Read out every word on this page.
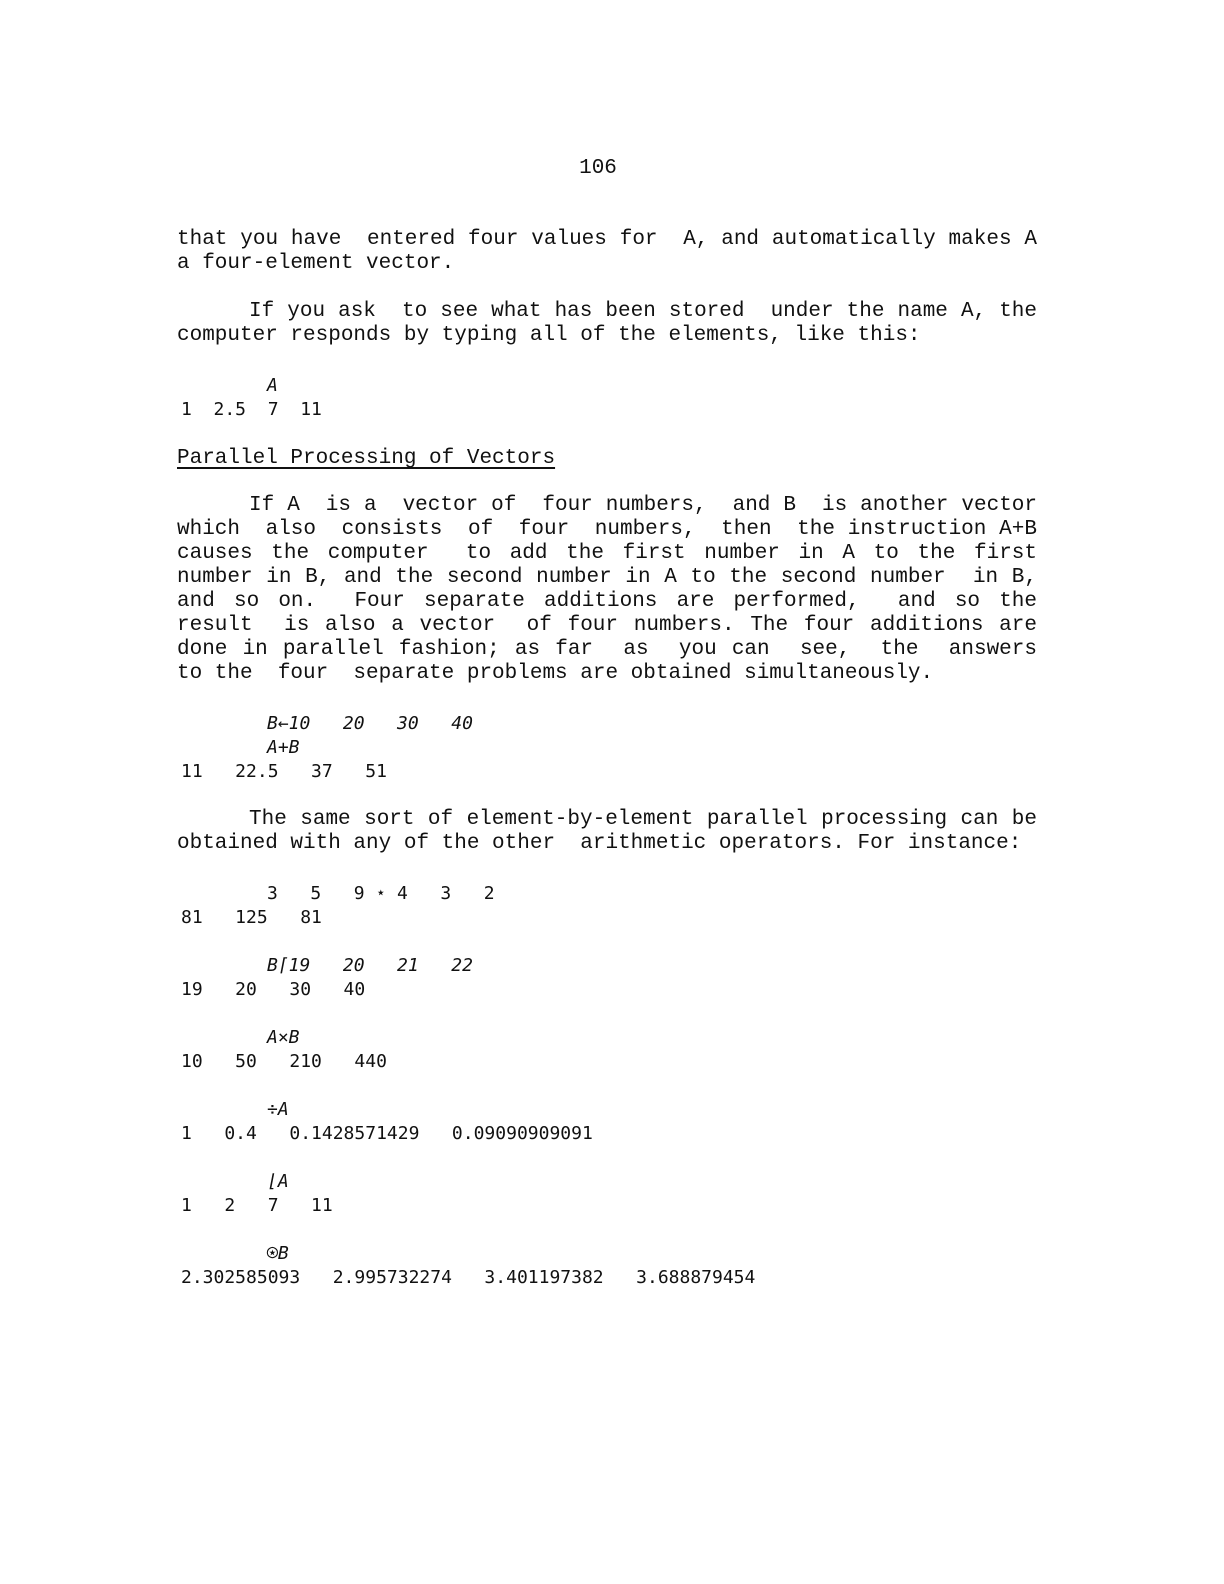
106

that you have  entered four values for  A, and automatically makes A a four-element vector.

If you ask  to see what has been stored  under the name A, the computer responds by typing all of the elements, like this:

A

1  2.5  7  11

Parallel Processing of Vectors

If A  is a  vector of  four numbers,  and B  is another vector which  also  consists  of  four  numbers,  then  the instruction A+B causes the computer  to add the first number in A to the first number in B, and the second number in A to the second number  in B, and so on.  Four separate additions are performed,  and so the result  is also a vector  of four numbers. The four additions are done in parallel fashion; as far  as  you can  see,  the  answers  to the  four  separate problems are obtained simultaneously.

B←10   20   30   40

A+B

11   22.5   37   51

The same sort of element-by-element parallel processing can be obtained with any of the other  arithmetic operators. For instance:

3   5   9 ⋆ 4   3   2

81   125   81

B⌈19   20   21   22

19   20   30   40

A×B

10   50   210   440

÷A

1   0.4   0.1428571429   0.09090909091

⌊A

1   2   7   11

⍟B

2.302585093   2.995732274   3.401197382   3.688879454
